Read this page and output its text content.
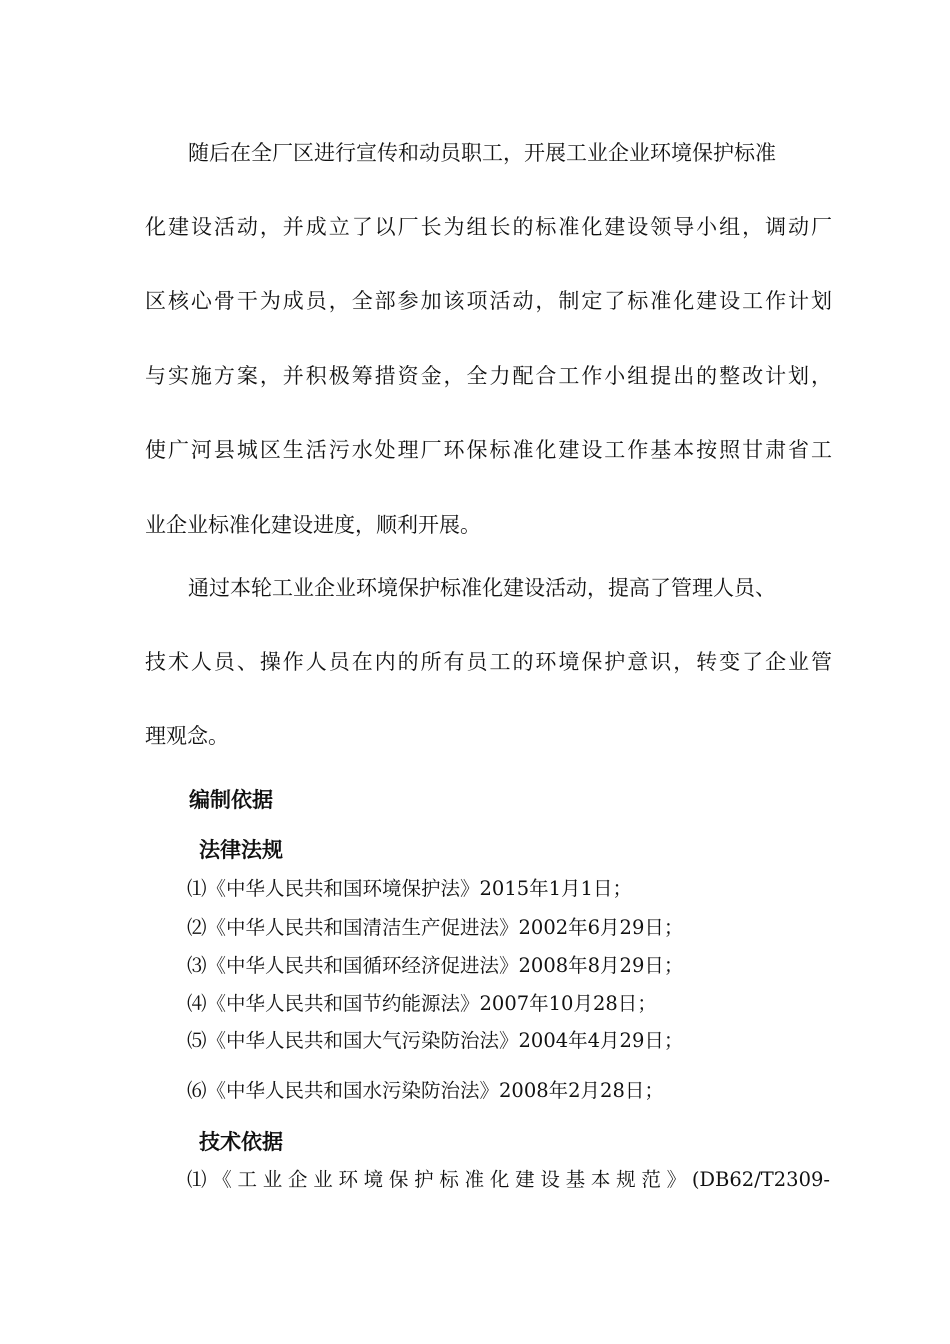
随后在全厂区进行宣传和动员职工，开展工业企业环境保护标准
化建设活动，并成立了以厂长为组长的标准化建设领导小组，调动厂
区核心骨干为成员，全部参加该项活动，制定了标准化建设工作计划
与实施方案，并积极筹措资金，全力配合工作小组提出的整改计划，
使广河县城区生活污水处理厂环保标准化建设工作基本按照甘肃省工
业企业标准化建设进度，顺利开展。
通过本轮工业企业环境保护标准化建设活动，提高了管理人员、
技术人员、操作人员在内的所有员工的环境保护意识，转变了企业管
理观念。
编制依据
法律法规
⑴《中华人民共和国环境保护法》2015年1月1日；
⑵《中华人民共和国清洁生产促进法》2002年6月29日；
⑶《中华人民共和国循环经济促进法》2008年8月29日；
⑷《中华人民共和国节约能源法》2007年10月28日；
⑸《中华人民共和国大气污染防治法》2004年4月29日；
⑹《中华人民共和国水污染防治法》2008年2月28日；
技术依据
⑴《工业企业环境保护标准化建设基本规范》(DB62/T2309-
